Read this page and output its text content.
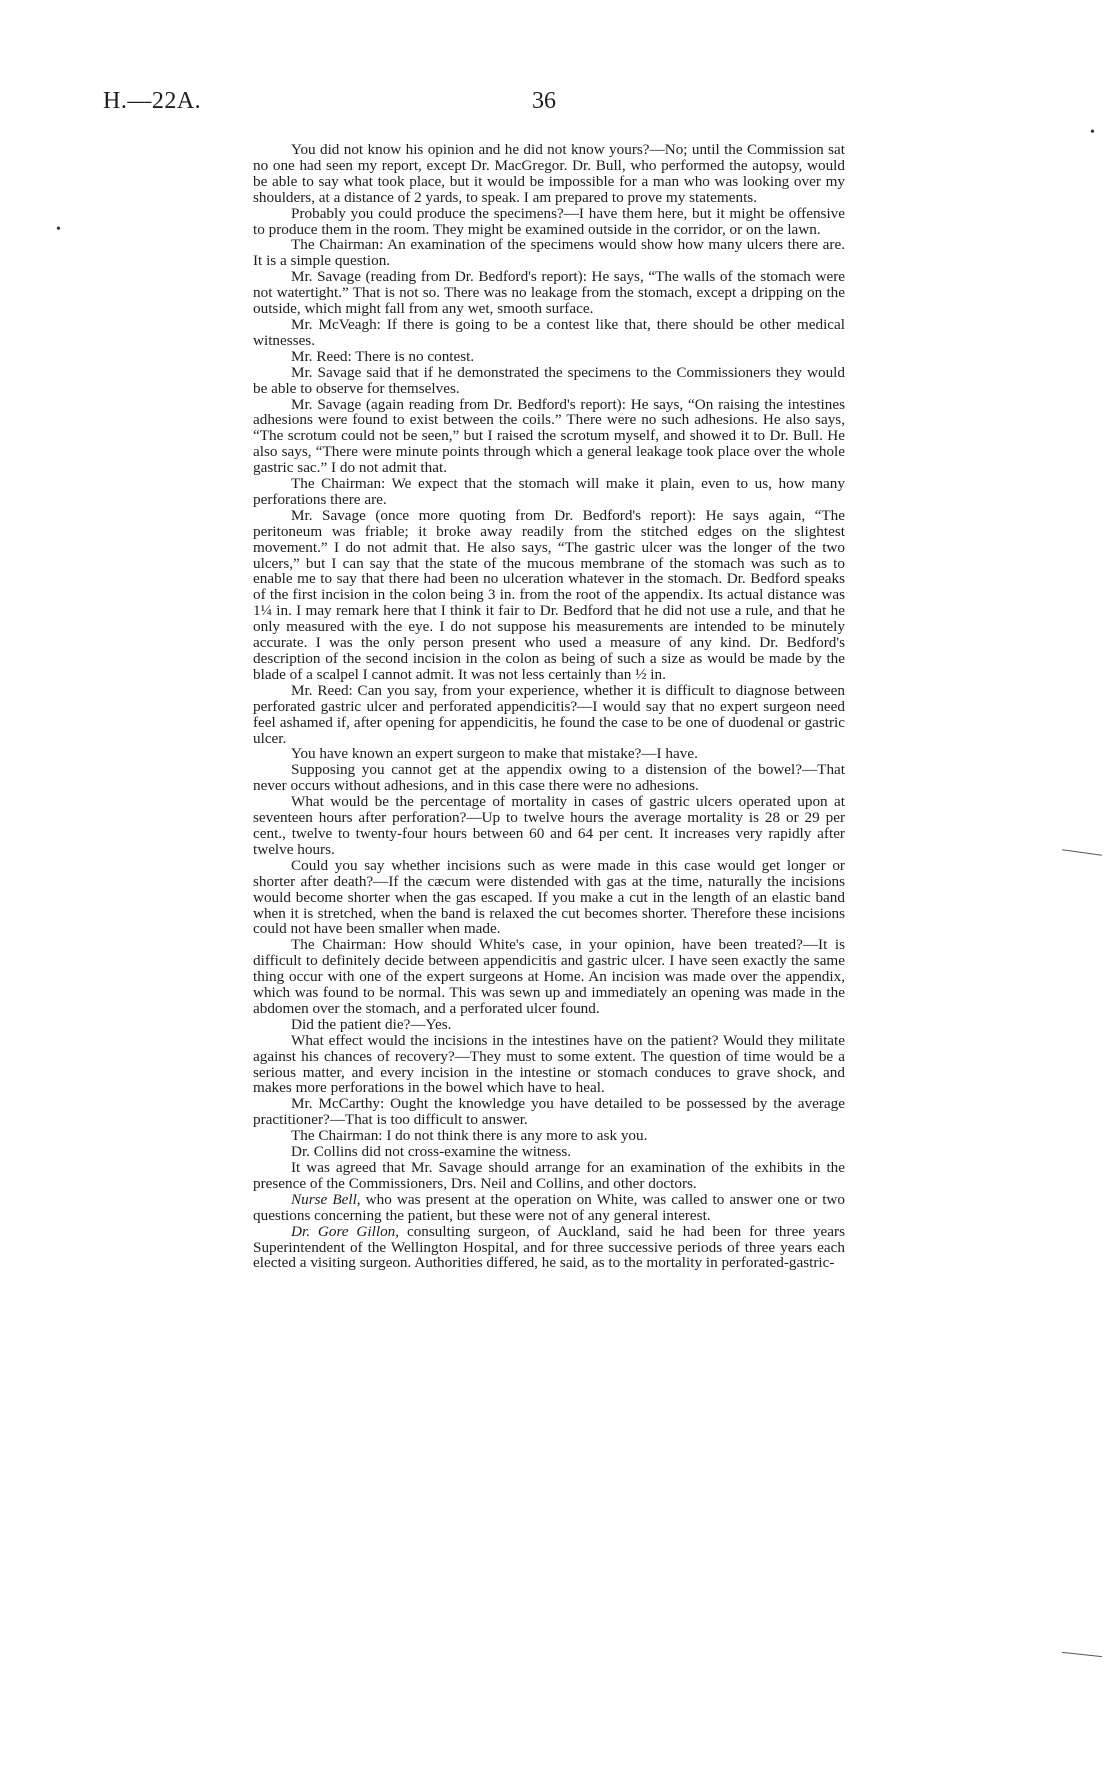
H.—22A.	36

You did not know his opinion and he did not know yours?—No; until the Commission sat no one had seen my report, except Dr. MacGregor. Dr. Bull, who performed the autopsy, would be able to say what took place, but it would be impossible for a man who was looking over my shoulders, at a distance of 2 yards, to speak. I am prepared to prove my statements.

Probably you could produce the specimens?—I have them here, but it might be offensive to produce them in the room. They might be examined outside in the corridor, or on the lawn.

The Chairman: An examination of the specimens would show how many ulcers there are. It is a simple question.

Mr. Savage (reading from Dr. Bedford's report): He says, “The walls of the stomach were not watertight.” That is not so. There was no leakage from the stomach, except a dripping on the outside, which might fall from any wet, smooth surface.

Mr. McVeagh: If there is going to be a contest like that, there should be other medical witnesses.

Mr. Reed: There is no contest.

Mr. Savage said that if he demonstrated the specimens to the Commissioners they would be able to observe for themselves.

Mr. Savage (again reading from Dr. Bedford's report): He says, “On raising the intestines adhesions were found to exist between the coils.” There were no such adhesions. He also says, “The scrotum could not be seen,” but I raised the scrotum myself, and showed it to Dr. Bull. He also says, “There were minute points through which a general leakage took place over the whole gastric sac.” I do not admit that.

The Chairman: We expect that the stomach will make it plain, even to us, how many perforations there are.

Mr. Savage (once more quoting from Dr. Bedford's report): He says again, “The peritoneum was friable; it broke away readily from the stitched edges on the slightest movement.” I do not admit that. He also says, “The gastric ulcer was the longer of the two ulcers,” but I can say that the state of the mucous membrane of the stomach was such as to enable me to say that there had been no ulceration whatever in the stomach. Dr. Bedford speaks of the first incision in the colon being 3 in. from the root of the appendix. Its actual distance was 1¼ in. I may remark here that I think it fair to Dr. Bedford that he did not use a rule, and that he only measured with the eye. I do not suppose his measurements are intended to be minutely accurate. I was the only person present who used a measure of any kind. Dr. Bedford's description of the second incision in the colon as being of such a size as would be made by the blade of a scalpel I cannot admit. It was not less certainly than ½ in.

Mr. Reed: Can you say, from your experience, whether it is difficult to diagnose between perforated gastric ulcer and perforated appendicitis?—I would say that no expert surgeon need feel ashamed if, after opening for appendicitis, he found the case to be one of duodenal or gastric ulcer.

You have known an expert surgeon to make that mistake?—I have.

Supposing you cannot get at the appendix owing to a distension of the bowel?—That never occurs without adhesions, and in this case there were no adhesions.

What would be the percentage of mortality in cases of gastric ulcers operated upon at seventeen hours after perforation?—Up to twelve hours the average mortality is 28 or 29 per cent., twelve to twenty-four hours between 60 and 64 per cent. It increases very rapidly after twelve hours.

Could you say whether incisions such as were made in this case would get longer or shorter after death?—If the cæcum were distended with gas at the time, naturally the incisions would become shorter when the gas escaped. If you make a cut in the length of an elastic band when it is stretched, when the band is relaxed the cut becomes shorter. Therefore these incisions could not have been smaller when made.

The Chairman: How should White's case, in your opinion, have been treated?—It is difficult to definitely decide between appendicitis and gastric ulcer. I have seen exactly the same thing occur with one of the expert surgeons at Home. An incision was made over the appendix, which was found to be normal. This was sewn up and immediately an opening was made in the abdomen over the stomach, and a perforated ulcer found.

Did the patient die?—Yes.

What effect would the incisions in the intestines have on the patient? Would they militate against his chances of recovery?—They must to some extent. The question of time would be a serious matter, and every incision in the intestine or stomach conduces to grave shock, and makes more perforations in the bowel which have to heal.

Mr. McCarthy: Ought the knowledge you have detailed to be possessed by the average practitioner?—That is too difficult to answer.

The Chairman: I do not think there is any more to ask you.

Dr. Collins did not cross-examine the witness.

It was agreed that Mr. Savage should arrange for an examination of the exhibits in the presence of the Commissioners, Drs. Neil and Collins, and other doctors.

Nurse Bell, who was present at the operation on White, was called to answer one or two questions concerning the patient, but these were not of any general interest.

Dr. Gore Gillon, consulting surgeon, of Auckland, said he had been for three years Superintendent of the Wellington Hospital, and for three successive periods of three years each elected a visiting surgeon. Authorities differed, he said, as to the mortality in perforated-gastric-

•
•
